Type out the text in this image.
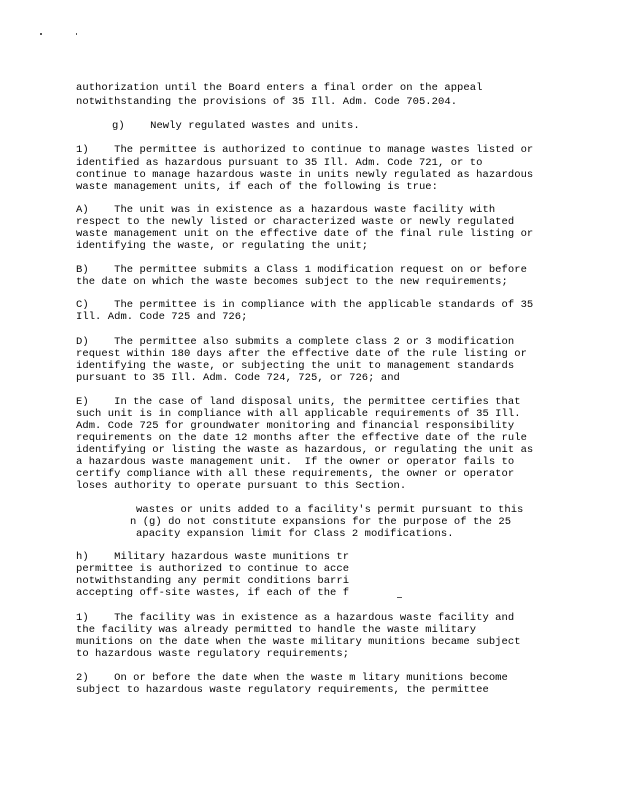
authorization until the Board enters a final order on the appeal
notwithstanding the provisions of 35 Ill. Adm. Code 705.204.
g)    Newly regulated wastes and units.
1)    The permittee is authorized to continue to manage wastes listed or
identified as hazardous pursuant to 35 Ill. Adm. Code 721, or to
continue to manage hazardous waste in units newly regulated as hazardous
waste management units, if each of the following is true:
A)    The unit was in existence as a hazardous waste facility with
respect to the newly listed or characterized waste or newly regulated
waste management unit on the effective date of the final rule listing or
identifying the waste, or regulating the unit;
B)    The permittee submits a Class 1 modification request on or before
the date on which the waste becomes subject to the new requirements;
C)    The permittee is in compliance with the applicable standards of 35
Ill. Adm. Code 725 and 726;
D)    The permittee also submits a complete class 2 or 3 modification
request within 180 days after the effective date of the rule listing or
identifying the waste, or subjecting the unit to management standards
pursuant to 35 Ill. Adm. Code 724, 725, or 726; and
E)    In the case of land disposal units, the permittee certifies that
such unit is in compliance with all applicable requirements of 35 Ill.
Adm. Code 725 for groundwater monitoring and financial responsibility
requirements on the date 12 months after the effective date of the rule
identifying or listing the waste as hazardous, or regulating the unit as
a hazardous waste management unit.  If the owner or operator fails to
certify compliance with all these requirements, the owner or operator
loses authority to operate pursuant to this Section.
wastes or units added to a facility's permit pursuant to this
n (g) do not constitute expansions for the purpose of the 25
apacity expansion limit for Class 2 modifications.
h)    Military hazardous waste munitions tr
permittee is authorized to continue to acce
notwithstanding any permit conditions barri
accepting off-site wastes, if each of the f
1)    The facility was in existence as a hazardous waste facility and
the facility was already permitted to handle the waste military
munitions on the date when the waste military munitions became subject
to hazardous waste regulatory requirements;
2)    On or before the date when the waste m litary munitions become
subject to hazardous waste regulatory requirements, the permittee
